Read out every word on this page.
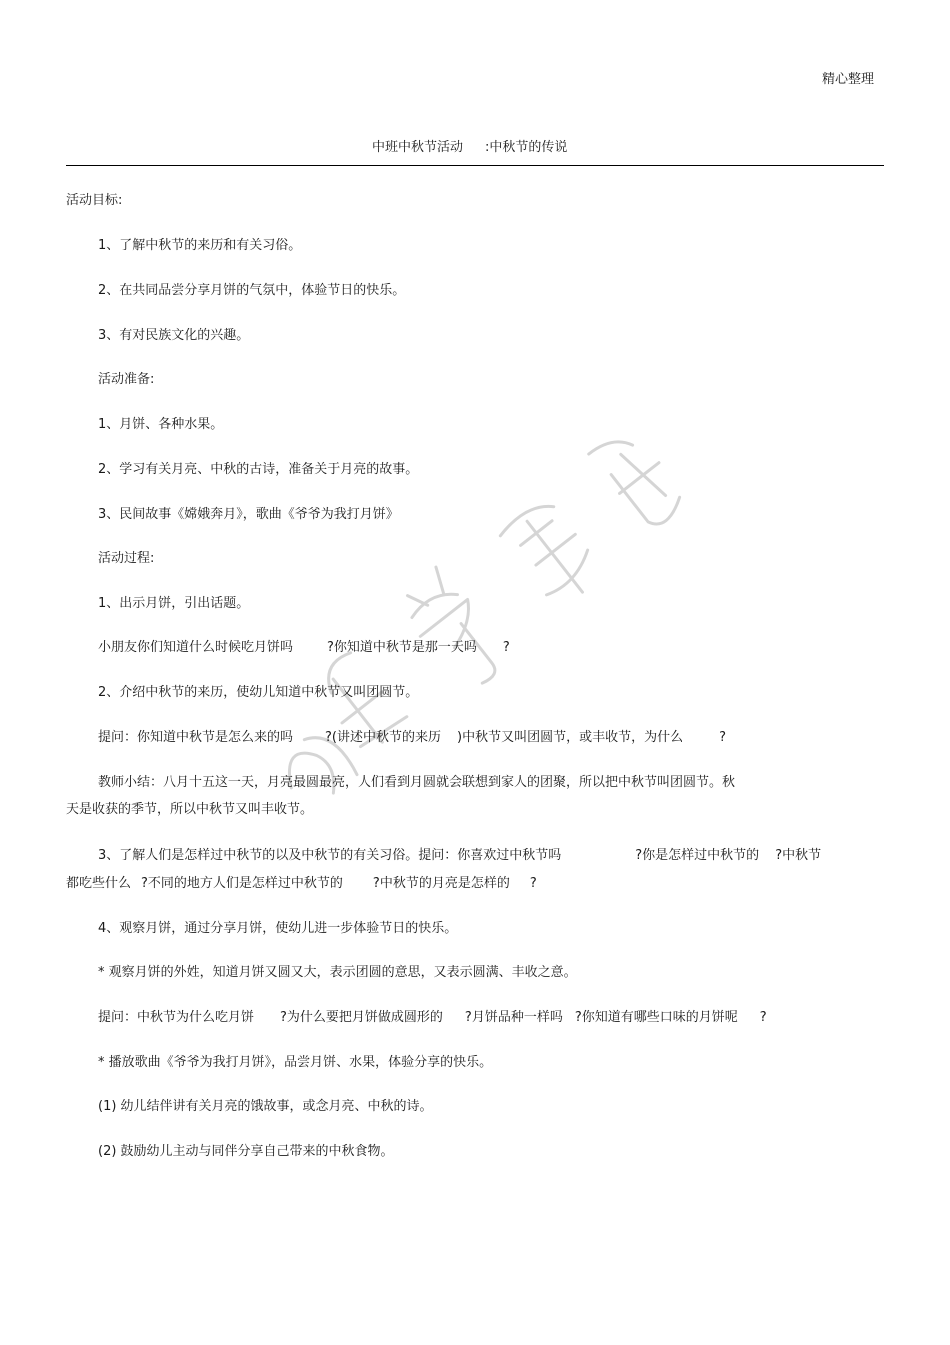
精心整理
中班中秋节活动 :中秋节的传说
活动目标:
1、了解中秋节的来历和有关习俗。
2、在共同品尝分享月饼的气氛中，体验节日的快乐。
3、有对民族文化的兴趣。
活动准备:
1、月饼、各种水果。
2、学习有关月亮、中秋的古诗，准备关于月亮的故事。
3、民间故事《嫦娥奔月》，歌曲《爷爷为我打月饼》
活动过程:
1、出示月饼，引出话题。
小朋友你们知道什么时候吃月饼吗	?你知道中秋节是那一天吗 ?
2、介绍中秋节的来历，使幼儿知道中秋节又叫团圆节。
提问：你知道中秋节是怎么来的吗 ?(讲述中秋节的来历 )中秋节又叫团圆节，或丰收节，为什么	?
教师小结：八月十五这一天，月亮最圆最亮，人们看到月圆就会联想到家人的团聚，所以把中秋节叫团圆节。秋
天是收获的季节，所以中秋节又叫丰收节。
3、了解人们是怎样过中秋节的以及中秋节的有关习俗。提问：你喜欢过中秋节吗	?你是怎样过中秋节的 ?中秋节
都吃些什么 ?不同的地方人们是怎样过中秋节的 ?中秋节的月亮是怎样的 ?
4、观察月饼，通过分享月饼，使幼儿进一步体验节日的快乐。
* 观察月饼的外姓，知道月饼又圆又大，表示团圆的意思，又表示圆满、丰收之意。
提问：中秋节为什么吃月饼 ?为什么要把月饼做成圆形的 ?月饼品种一样吗 ?你知道有哪些口味的月饼呢 ?
* 播放歌曲《爷爷为我打月饼》，品尝月饼、水果，体验分享的快乐。
(1) 幼儿结伴讲有关月亮的饿故事，或念月亮、中秋的诗。
(2) 鼓励幼儿主动与同伴分享自己带来的中秋食物。
